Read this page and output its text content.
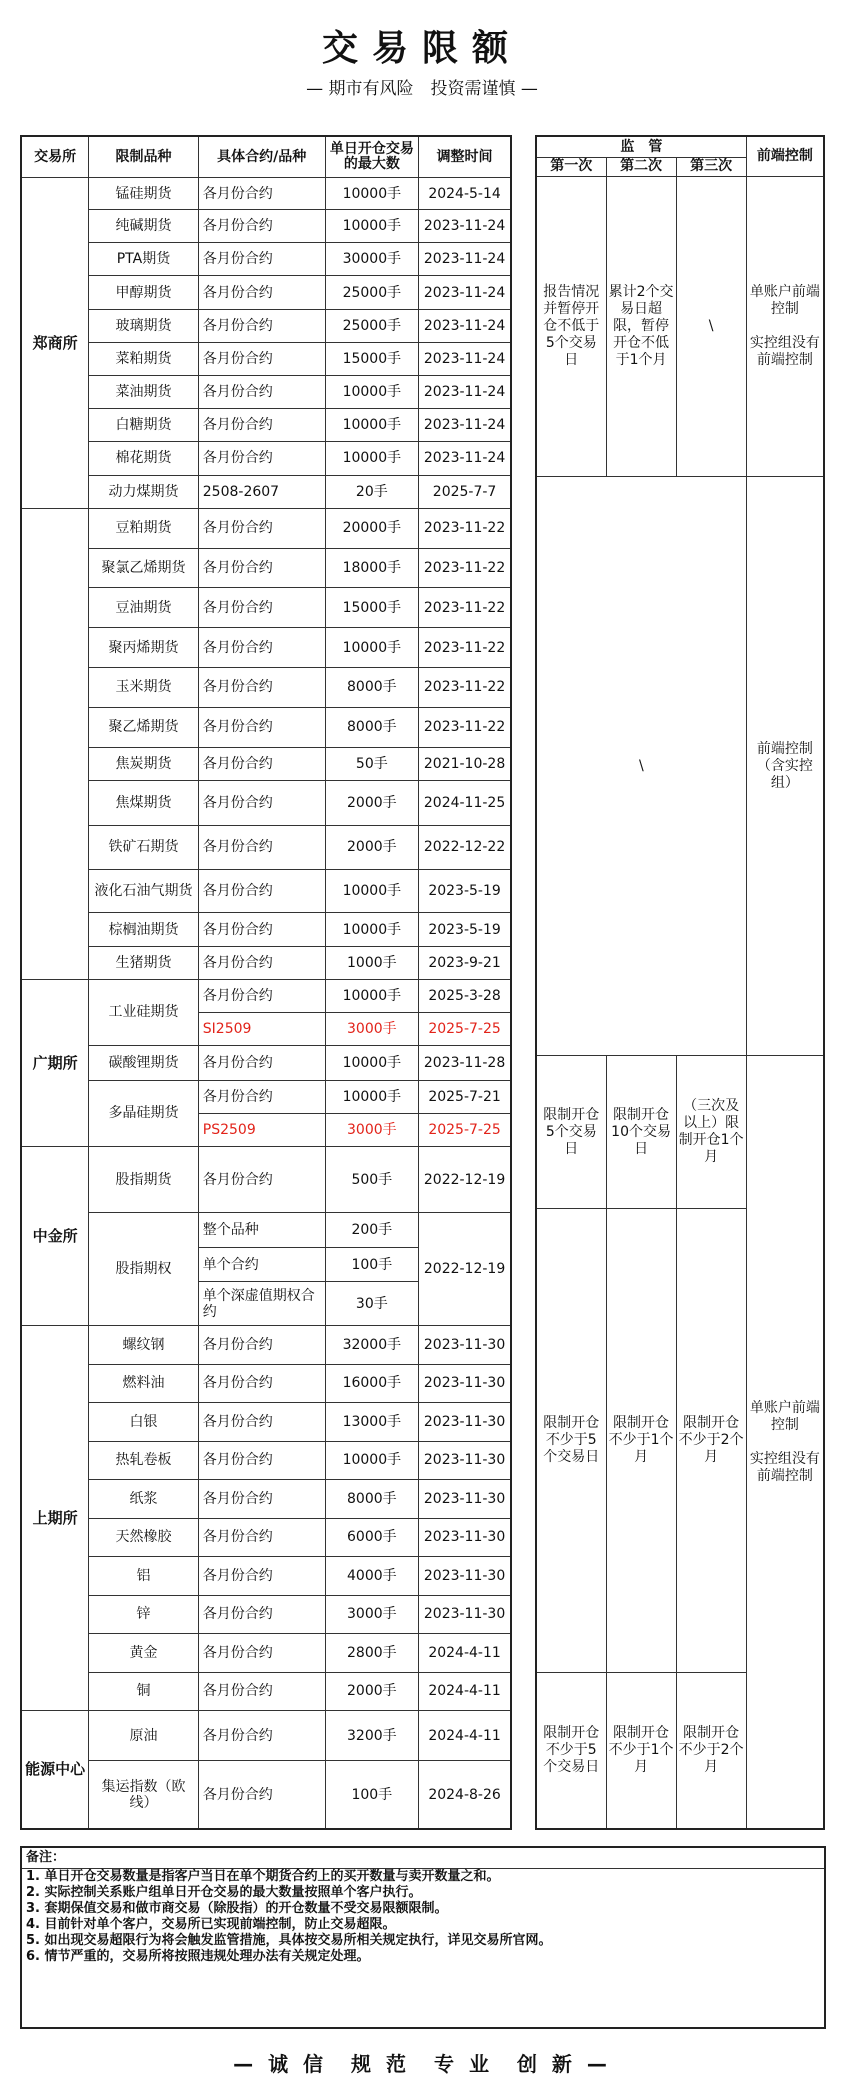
交易限额
— 期市有风险　投资需谨慎 —
交易所	限制品种	具体合约/品种	单日开仓交易的最大数	调整时间
郑商所	锰硅期货	各月份合约	10000手	2024-5-14
	纯碱期货	各月份合约	10000手	2023-11-24
	PTA期货	各月份合约	30000手	2023-11-24
	甲醇期货	各月份合约	25000手	2023-11-24
	玻璃期货	各月份合约	25000手	2023-11-24
	菜粕期货	各月份合约	15000手	2023-11-24
	菜油期货	各月份合约	10000手	2023-11-24
	白糖期货	各月份合约	10000手	2023-11-24
	棉花期货	各月份合约	10000手	2023-11-24
	动力煤期货	2508-2607	20手	2025-7-7
	豆粕期货	各月份合约	20000手	2023-11-22
	聚氯乙烯期货	各月份合约	18000手	2023-11-22
	豆油期货	各月份合约	15000手	2023-11-22
	聚丙烯期货	各月份合约	10000手	2023-11-22
	玉米期货	各月份合约	8000手	2023-11-22
	聚乙烯期货	各月份合约	8000手	2023-11-22
	焦炭期货	各月份合约	50手	2021-10-28
	焦煤期货	各月份合约	2000手	2024-11-25
	铁矿石期货	各月份合约	2000手	2022-12-22
	液化石油气期货	各月份合约	10000手	2023-5-19
	棕榈油期货	各月份合约	10000手	2023-5-19
	生猪期货	各月份合约	1000手	2023-9-21
广期所	工业硅期货	各月份合约	10000手	2025-3-28
		SI2509	3000手	2025-7-25
	碳酸锂期货	各月份合约	10000手	2023-11-28
	多晶硅期货	各月份合约	10000手	2025-7-21
		PS2509	3000手	2025-7-25
中金所	股指期货	各月份合约	500手	2022-12-19
	股指期权	整个品种	200手	2022-12-19
		单个合约	100手	
		单个深虚值期权合约	30手	
上期所	螺纹钢	各月份合约	32000手	2023-11-30
	燃料油	各月份合约	16000手	2023-11-30
	白银	各月份合约	13000手	2023-11-30
	热轧卷板	各月份合约	10000手	2023-11-30
	纸浆	各月份合约	8000手	2023-11-30
	天然橡胶	各月份合约	6000手	2023-11-30
	铝	各月份合约	4000手	2023-11-30
	锌	各月份合约	3000手	2023-11-30
	黄金	各月份合约	2800手	2024-4-11
	铜	各月份合约	2000手	2024-4-11
能源中心	原油	各月份合约	3200手	2024-4-11
	集运指数（欧线）	各月份合约	100手	2024-8-26
监　管			前端控制
第一次	第二次	第三次	
报告情况并暂停开仓不低于5个交易日	累计2个交易日超限，暂停开仓不低于1个月	\	单账户前端控制

实控组没有前端控制
\			前端控制（含实控组）
限制开仓5个交易日	限制开仓10个交易日	（三次及以上）限制开仓1个月	单账户前端控制

实控组没有前端控制
限制开仓不少于5个交易日	限制开仓不少于1个月	限制开仓不少于2个月	
限制开仓不少于5个交易日	限制开仓不少于1个月	限制开仓不少于2个月	
备注：
1. 单日开仓交易数量是指客户当日在单个期货合约上的买开数量与卖开数量之和。
2. 实际控制关系账户组单日开仓交易的最大数量按照单个客户执行。
3. 套期保值交易和做市商交易（除股指）的开仓数量不受交易限额限制。
4. 目前针对单个客户，交易所已实现前端控制，防止交易超限。
5. 如出现交易超限行为将会触发监管措施，具体按交易所相关规定执行，详见交易所官网。
6. 情节严重的，交易所将按照违规处理办法有关规定处理。
— 诚 信　规 范　专 业　创 新 —
